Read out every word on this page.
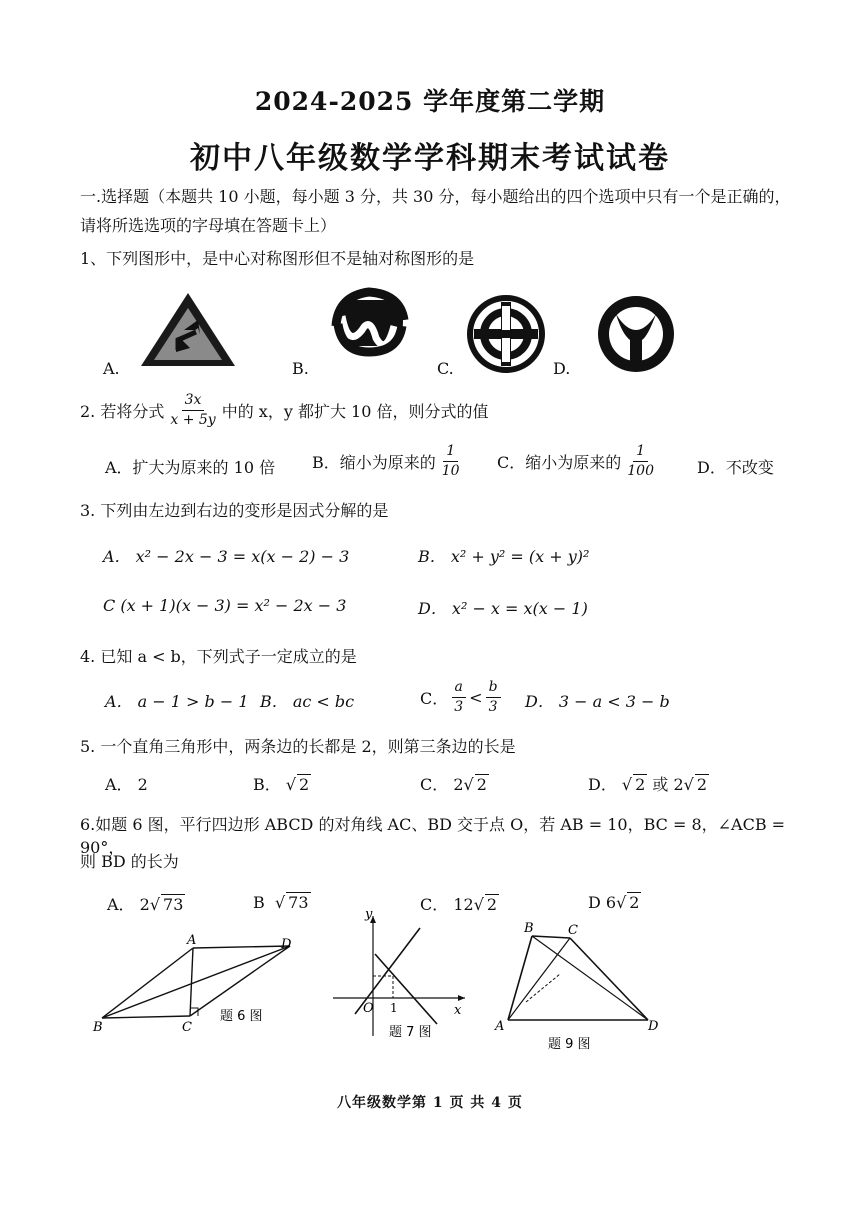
2024-2025 学年度第二学期
初中八年级数学学科期末考试试卷
一.选择题（本题共 10 小题，每小题 3 分，共 30 分，每小题给出的四个选项中只有一个是正确的，请将所选选项的字母填在答题卡上）
1、下列图形中，是中心对称图形但不是轴对称图形的是
A.	B.	C.	D.
2. 若将分式 $\frac{3x}{x + 5y}$ 中的 x，y 都扩大 10 倍，则分式的值
A．扩大为原来的 10 倍 B．缩小为原来的 $\frac{1}{10}$ C．缩小为原来的 $\frac{1}{100}$	D．不改变
3. 下列由左边到右边的变形是因式分解的是
A． x² − 2x − 3 = x(x − 2) − 3	B． x² + y² = (x + y)²
C (x + 1)(x − 3) = x² − 2x − 3	D． x² − x = x(x − 1)
4. 已知 a < b，下列式子一定成立的是
A． a − 1 > b − 1 B． ac < bc	C． $\frac{a}{3} < \frac{b}{3}$ D． 3 − a < 3 − b
5. 一个直角三角形中，两条边的长都是 2，则第三条边的长是
A． 2	B． √ 2	C． 2√ 2	D． √ 2 或 2√ 2
6.如题 6 图，平行四边形 ABCD 的对角线 AC、BD 交于点 O，若 AB = 10，BC = 8，∠ACB = 90°，
则 BD 的长为
A． 2√ 73	B  √ 73	C． 12√ 2	D 6√ 2
A
B	C
D
题 6 图
y
x
O 1
题 7 图
B	C
A	D
题 9 图
八年级数学第 1 页 共 4 页
